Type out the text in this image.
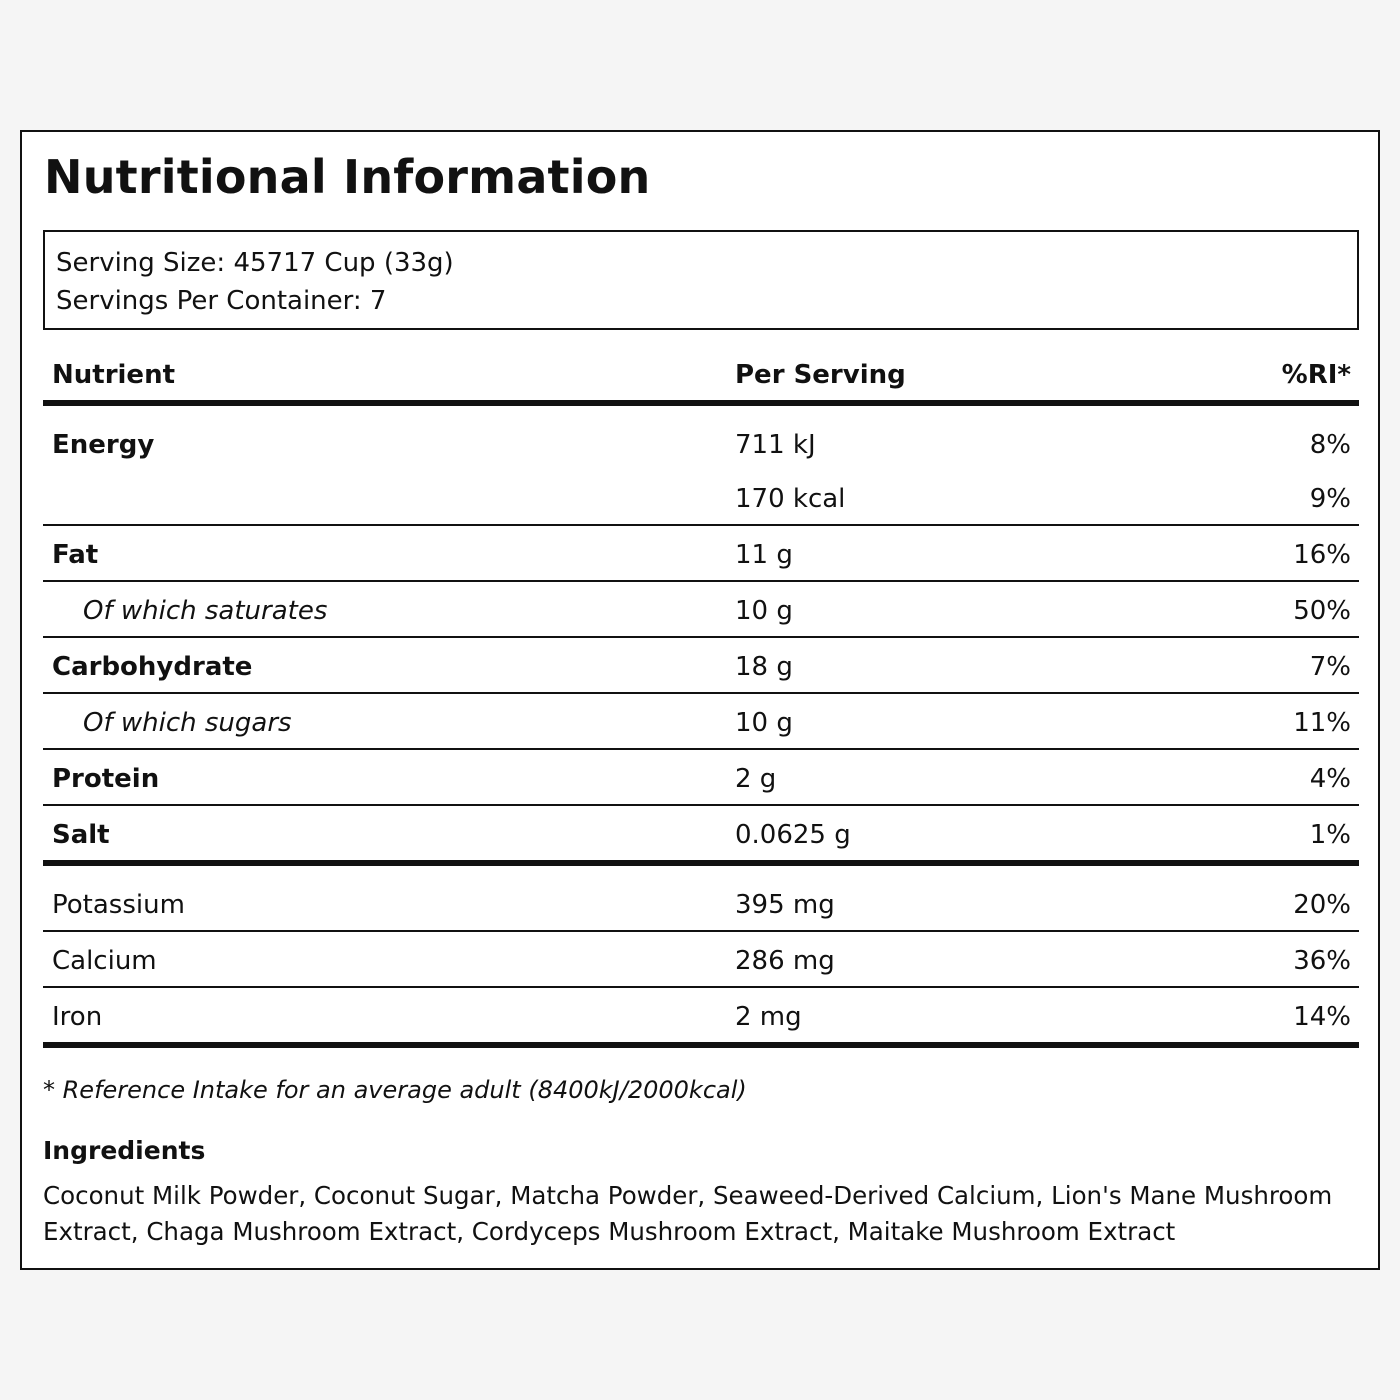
Nutritional Information
Serving Size: 45717 Cup (33g)
Servings Per Container: 7
Nutrient	Per Serving	%RI*
Energy	711 kJ	8%
170 kcal	9%
Fat	11 g	16%
Of which saturates	10 g	50%
Carbohydrate	18 g	7%
Of which sugars	10 g	11%
Protein	2 g	4%
Salt	0.0625 g	1%
Potassium	395 mg	20%
Calcium	286 mg	36%
Iron	2 mg	14%
* Reference Intake for an average adult (8400kJ/2000kcal)
Ingredients
Coconut Milk Powder, Coconut Sugar, Matcha Powder, Seaweed-Derived Calcium, Lion's Mane Mushroom Extract, Chaga Mushroom Extract, Cordyceps Mushroom Extract, Maitake Mushroom Extract
